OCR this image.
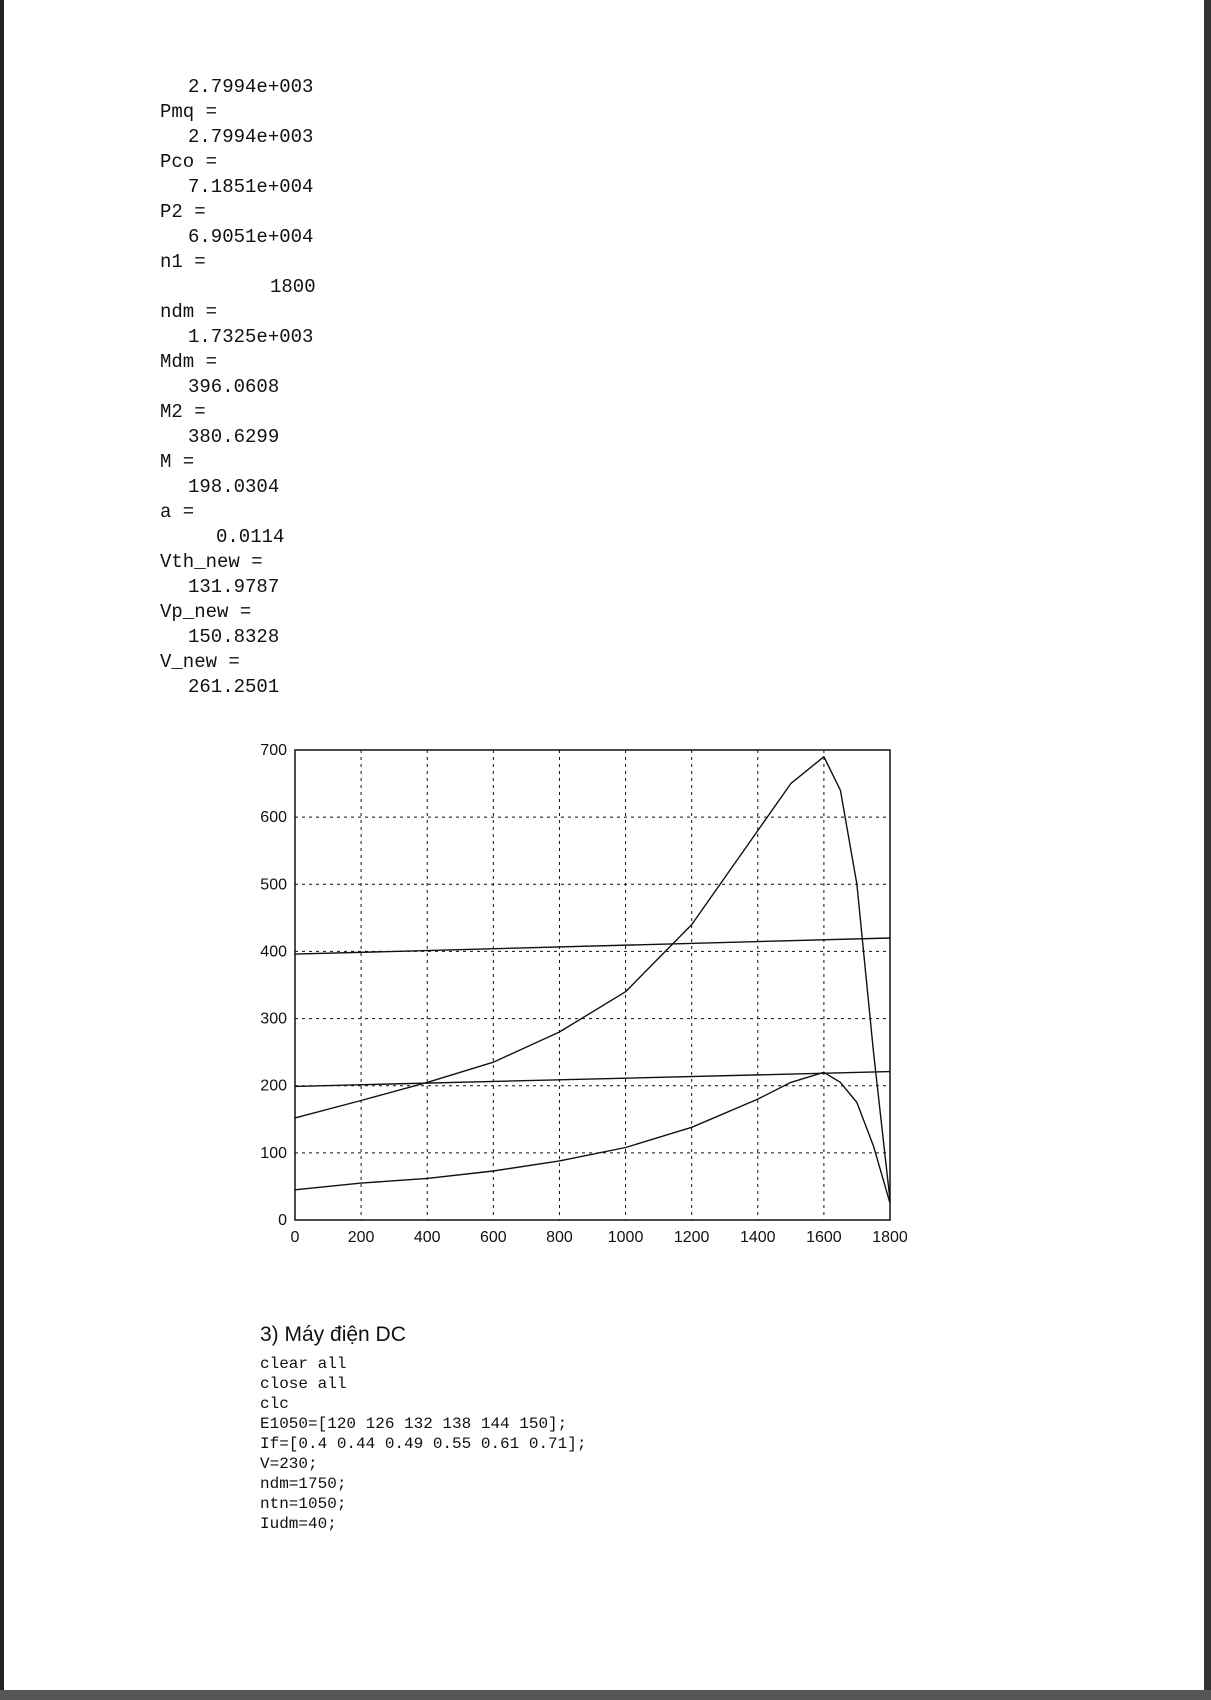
2.7994e+003
Pmq =
2.7994e+003
Pco =
7.1851e+004
P2 =
6.9051e+004
n1 =
1800
ndm =
1.7325e+003
Mdm =
396.0608
M2 =
380.6299
M =
198.0304
a =
0.0114
Vth_new =
131.9787
Vp_new =
150.8328
V_new =
261.2501
0	200 400 600 800 1000 1200 1400 1600 1800
0
100
200
300
400
500
600
700
3) Máy điện DC
clear all
close all
clc
E1050=[120 126 132 138 144 150];
If=[0.4 0.44 0.49 0.55 0.61 0.71];
V=230;
ndm=1750;
ntn=1050;
Iudm=40;
